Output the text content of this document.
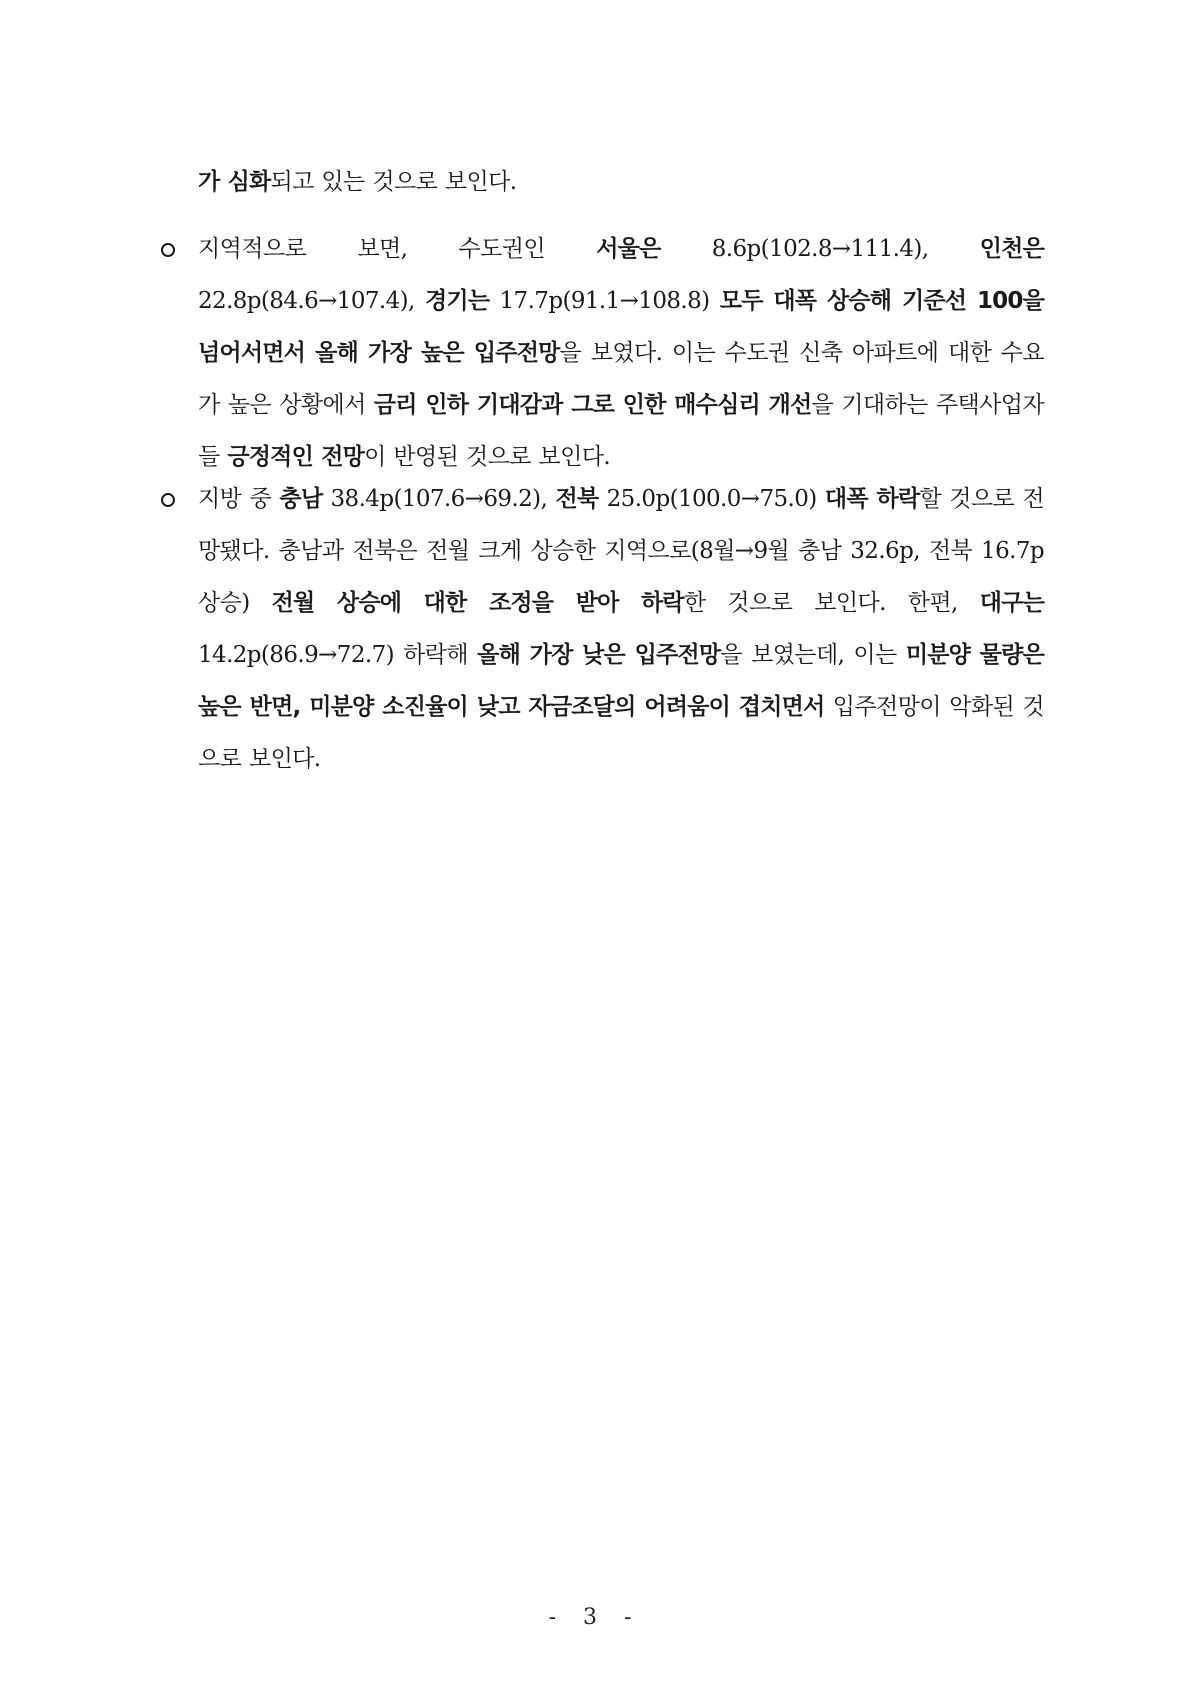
가 심화되고 있는 것으로 보인다.

지역적으로 보면, 수도권인 서울은 8.6p(102.8→111.4), 인천은 22.8p(84.6→107.4), 경기는 17.7p(91.1→108.8) 모두 대폭 상승해 기준선 100을 넘어서면서 올해 가장 높은 입주전망을 보였다. 이는 수도권 신축 아파트에 대한 수요가 높은 상황에서 금리 인하 기대감과 그로 인한 매수심리 개선을 기대하는 주택사업자들 긍정적인 전망이 반영된 것으로 보인다.

지방 중 충남 38.4p(107.6→69.2), 전북 25.0p(100.0→75.0) 대폭 하락할 것으로 전망됐다. 충남과 전북은 전월 크게 상승한 지역으로(8월→9월 충남 32.6p, 전북 16.7p 상승) 전월 상승에 대한 조정을 받아 하락한 것으로 보인다. 한편, 대구는 14.2p(86.9→72.7) 하락해 올해 가장 낮은 입주전망을 보였는데, 이는 미분양 물량은 높은 반면, 미분양 소진율이 낮고 자금조달의 어려움이 겹치면서 입주전망이 악화된 것으로 보인다.

- 3 -
